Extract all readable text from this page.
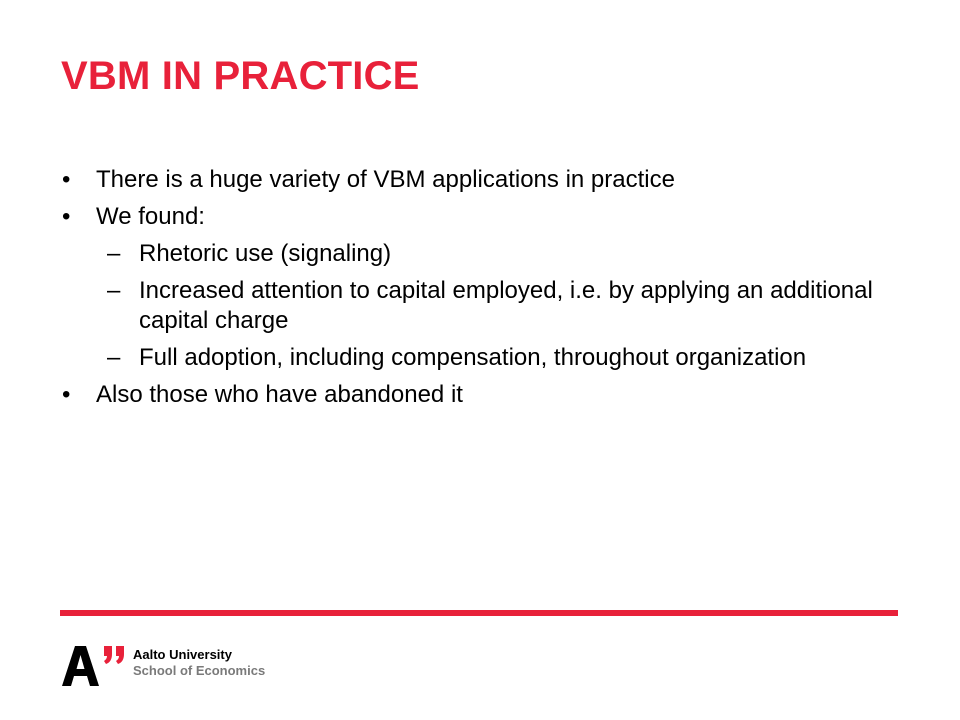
VBM IN PRACTICE
• There is a huge variety of VBM applications in practice
• We found:
– Rhetoric use (signaling)
– Increased attention to capital employed, i.e. by applying an additional capital charge
– Full adoption, including compensation, throughout organization
• Also those who have abandoned it
Aalto University
School of Economics
